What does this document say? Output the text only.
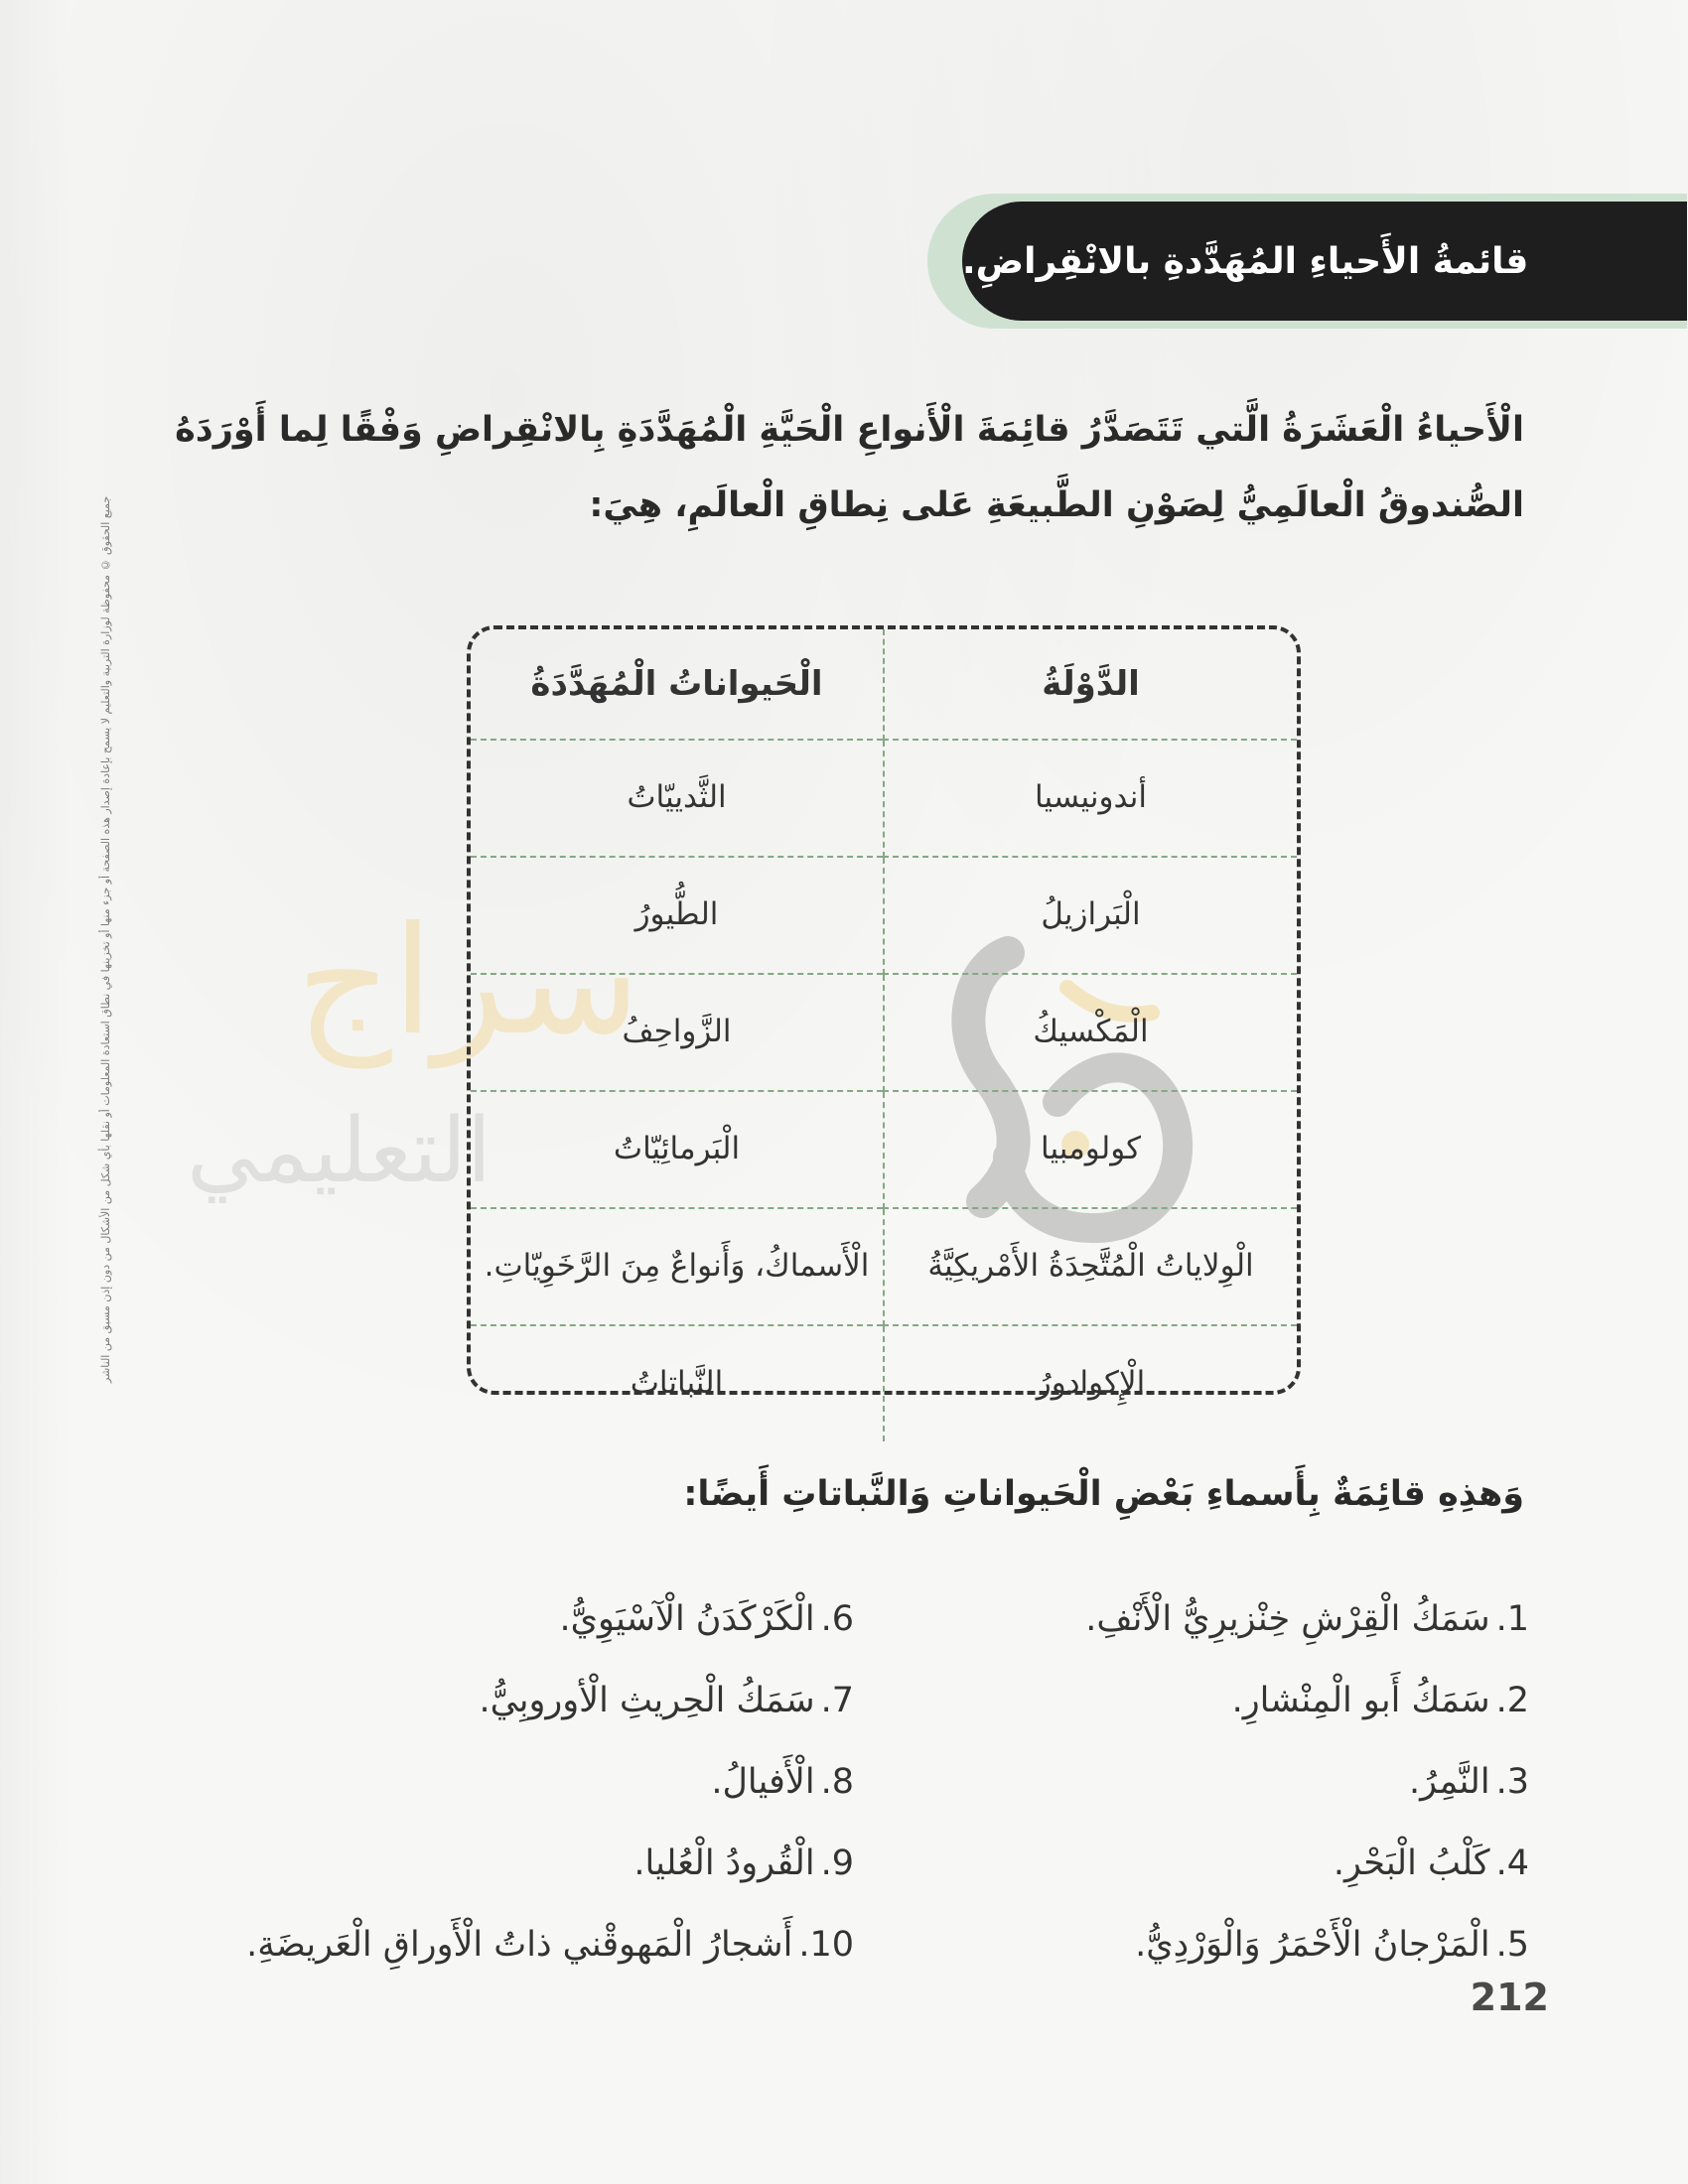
جميع الحقوق © محفوظة لوزارة التربية والتعليم لا يسمح بإعادة إصدار هذه الصفحة أو جزء منها أو تخزينها في نطاق استعادة المعلومات أو نقلها بأي شكل من الأشكال من دون إذن مسبق من الناشر
قائمةُ الأَحياءِ المُهَدَّدةِ بالانْقِراضِ.
الْأَحياءُ الْعَشَرَةُ الَّتي تَتَصَدَّرُ قائِمَةَ الْأَنواعِ الْحَيَّةِ الْمُهَدَّدَةِ بِالانْقِراضِ وَفْقًا لِما أَوْرَدَهُ الصُّندوقُ الْعالَمِيُّ لِصَوْنِ الطَّبيعَةِ عَلى نِطاقِ الْعالَمِ، هِيَ:
سراج
التعليمي
الدَّوْلَةُ	الْحَيواناتُ الْمُهَدَّدَةُ
أندونيسيا	الثَّدييّاتُ
الْبَرازيلُ	الطُّيورُ
الْمَكْسيكُ	الزَّواحِفُ
كولومبيا	الْبَرمائِيّاتُ
الْوِلاياتُ الْمُتَّحِدَةُ الأَمْريكِيَّةُ	الْأَسماكُ، وَأَنواعٌ مِنَ الرَّخَوِيّاتِ.
الْإِكوادورُ	النَّباتاتُ
وَهذِهِ قائِمَةٌ بِأَسماءِ بَعْضِ الْحَيواناتِ وَالنَّباتاتِ أَيضًا:
1.سَمَكُ الْقِرْشِ خِنْزيرِيُّ الْأَنْفِ.
2.سَمَكُ أَبو الْمِنْشارِ.
3.النَّمِرُ.
4.كَلْبُ الْبَحْرِ.
5.الْمَرْجانُ الْأَحْمَرُ وَالْوَرْدِيُّ.
6.الْكَرْكَدَنُ الْآسْيَوِيُّ.
7.سَمَكُ الْحِريثِ الْأوروبِيُّ.
8.الْأَفيالُ.
9.الْقُرودُ الْعُليا.
10.أَشجارُ الْمَهوقْني ذاتُ الْأَوراقِ الْعَريضَةِ.
212
